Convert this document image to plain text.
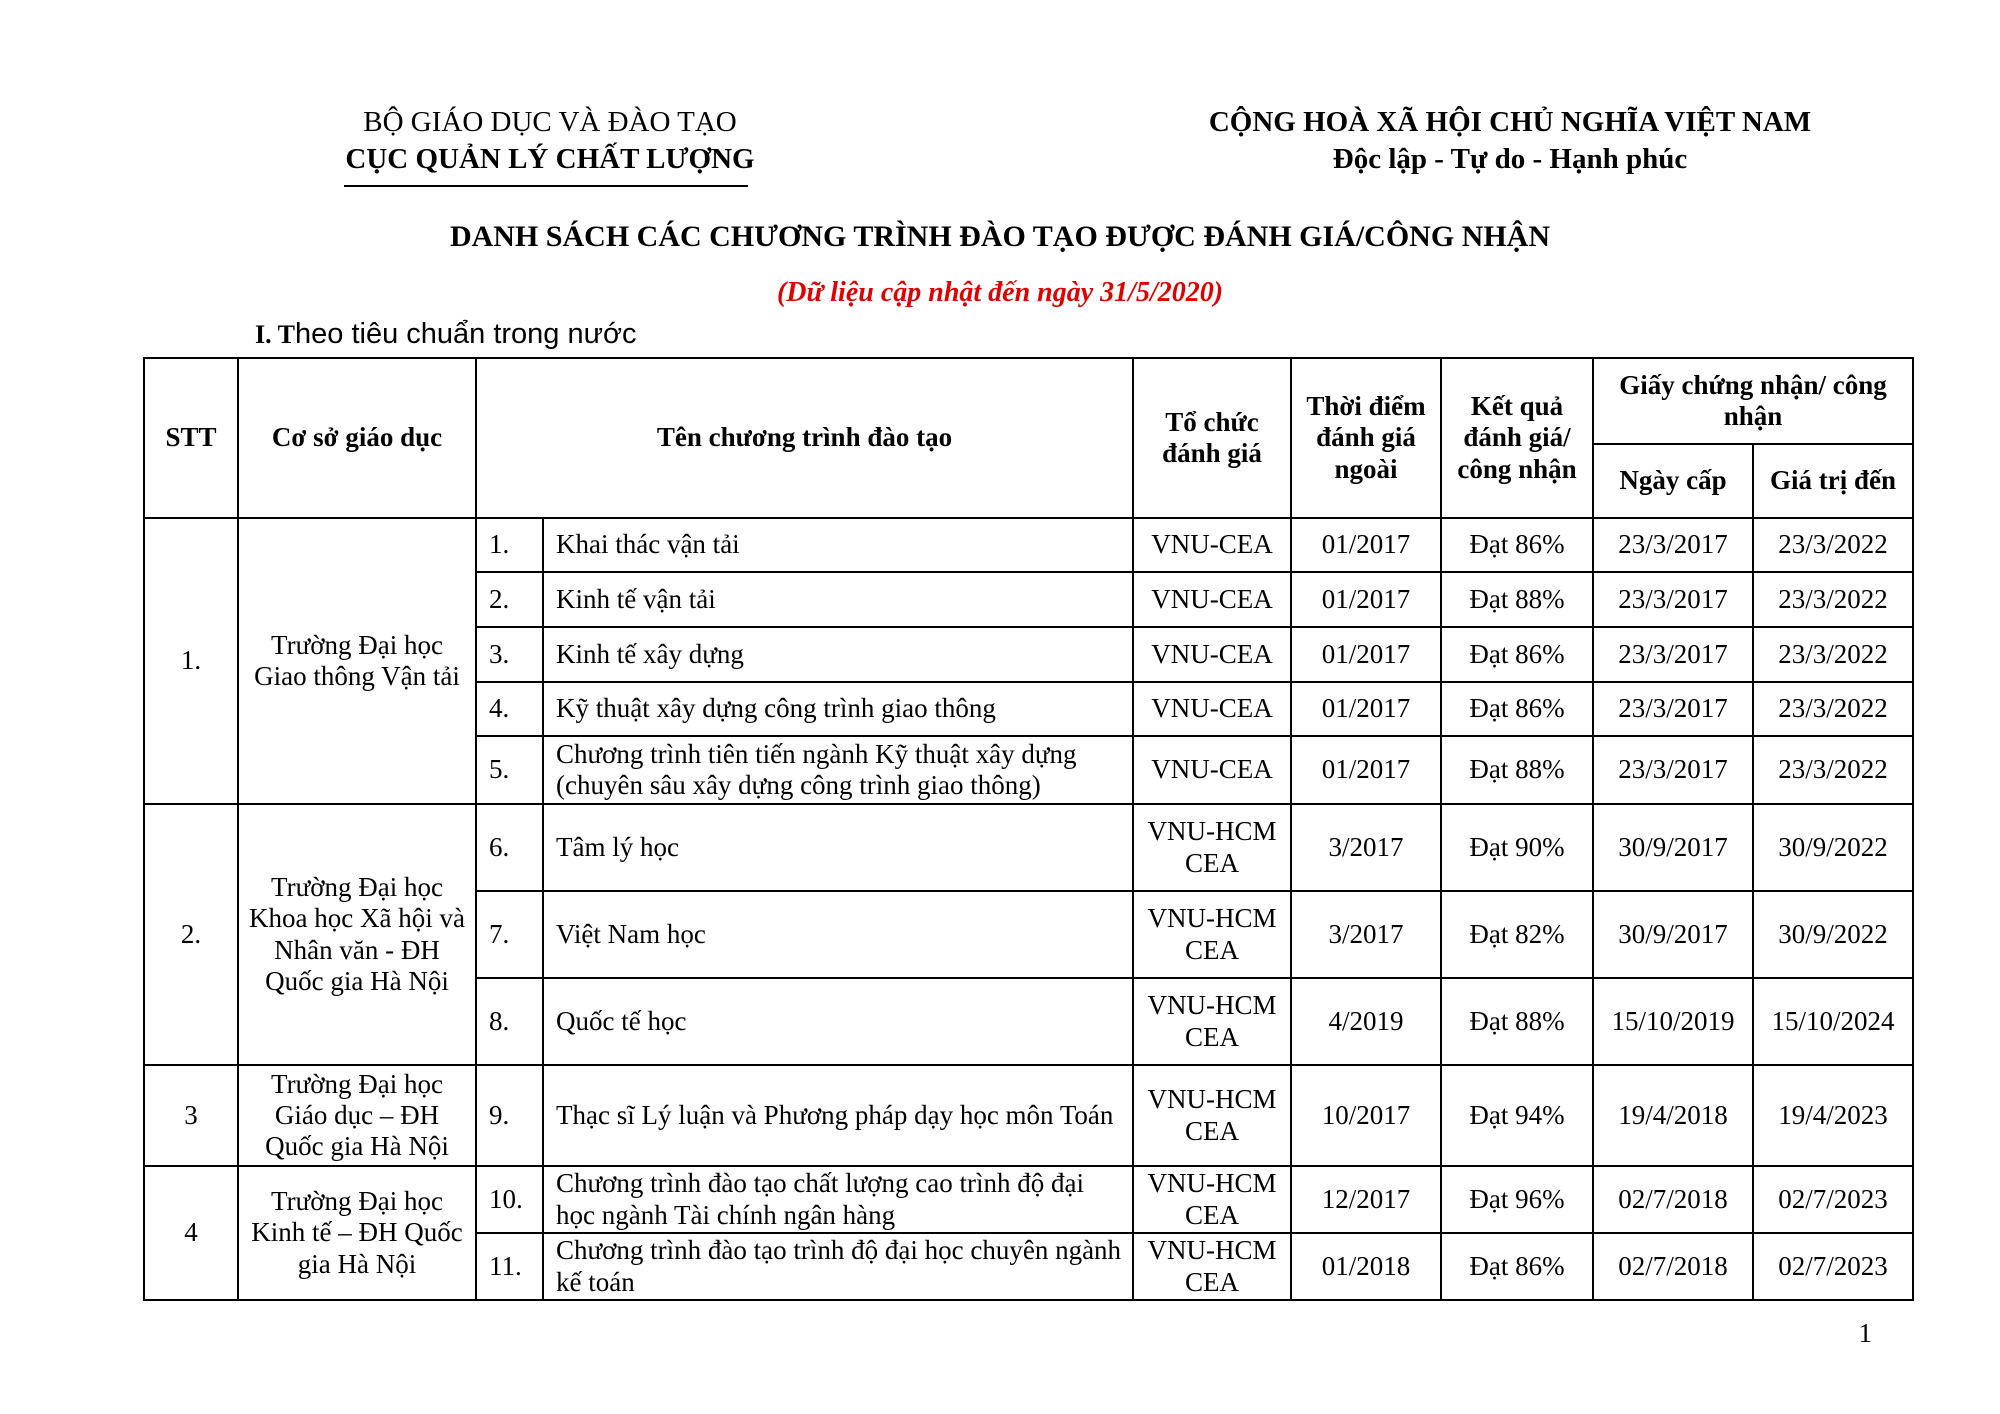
BỘ GIÁO DỤC VÀ ĐÀO TẠO
CỤC QUẢN LÝ CHẤT LƯỢNG
CỘNG HOÀ XÃ HỘI CHỦ NGHĨA VIỆT NAM
Độc lập - Tự do - Hạnh phúc
DANH SÁCH CÁC CHƯƠNG TRÌNH ĐÀO TẠO ĐƯỢC ĐÁNH GIÁ/CÔNG NHẬN
(Dữ liệu cập nhật đến ngày 31/5/2020)
I. Theo tiêu chuẩn trong nước
STT	Cơ sở giáo dục	Tên chương trình đào tạo		Tổ chức đánh giá	Thời điểm đánh giá ngoài	Kết quả đánh giá/ công nhận	Giấy chứng nhận/ công nhận	
							Ngày cấp	Giá trị đến
1.	Trường Đại học Giao thông Vận tải	1.	Khai thác vận tải	VNU-CEA	01/2017	Đạt 86%	23/3/2017	23/3/2022
		2.	Kinh tế vận tải	VNU-CEA	01/2017	Đạt 88%	23/3/2017	23/3/2022
		3.	Kinh tế xây dựng	VNU-CEA	01/2017	Đạt 86%	23/3/2017	23/3/2022
		4.	Kỹ thuật xây dựng công trình giao thông	VNU-CEA	01/2017	Đạt 86%	23/3/2017	23/3/2022
		5.	Chương trình tiên tiến ngành Kỹ thuật xây dựng (chuyên sâu xây dựng công trình giao thông)	VNU-CEA	01/2017	Đạt 88%	23/3/2017	23/3/2022
2.	Trường Đại học Khoa học Xã hội và Nhân văn - ĐH Quốc gia Hà Nội	6.	Tâm lý học	VNU-HCM CEA	3/2017	Đạt 90%	30/9/2017	30/9/2022
		7.	Việt Nam học	VNU-HCM CEA	3/2017	Đạt 82%	30/9/2017	30/9/2022
		8.	Quốc tế học	VNU-HCM CEA	4/2019	Đạt 88%	15/10/2019	15/10/2024
3	Trường Đại học Giáo dục – ĐH Quốc gia Hà Nội	9.	Thạc sĩ Lý luận và Phương pháp dạy học môn Toán	VNU-HCM CEA	10/2017	Đạt 94%	19/4/2018	19/4/2023
4	Trường Đại học Kinh tế – ĐH Quốc gia Hà Nội	10.	Chương trình đào tạo chất lượng cao trình độ đại học ngành Tài chính ngân hàng	VNU-HCM CEA	12/2017	Đạt 96%	02/7/2018	02/7/2023
		11.	Chương trình đào tạo trình độ đại học chuyên ngành kế toán	VNU-HCM CEA	01/2018	Đạt 86%	02/7/2018	02/7/2023
1
